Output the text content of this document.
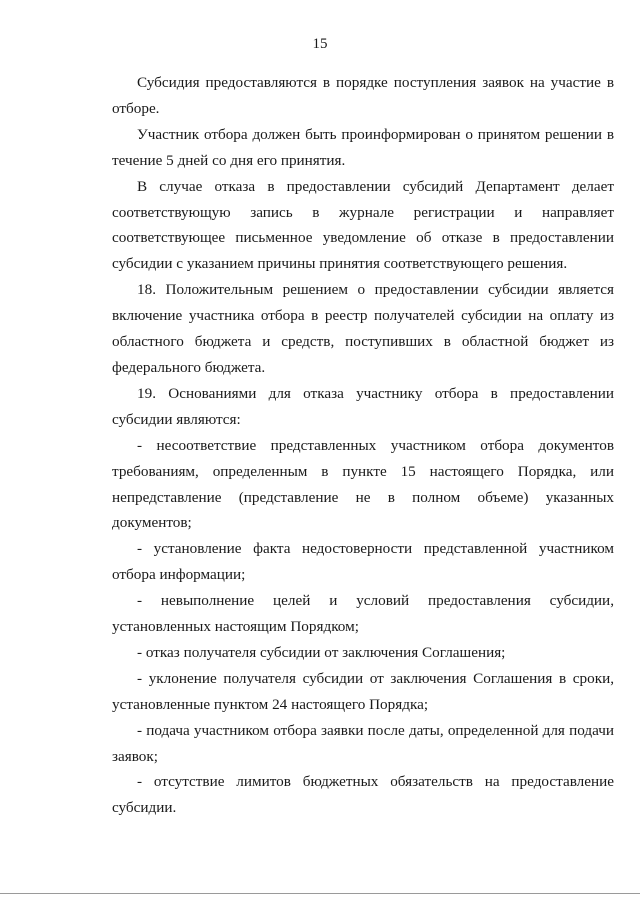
15

Субсидия предоставляются в порядке поступления заявок на участие в отборе.

Участник отбора должен быть проинформирован о принятом решении в течение 5 дней со дня его принятия.

В случае отказа в предоставлении субсидий Департамент делает соответствующую запись в журнале регистрации и направляет соответствующее письменное уведомление об отказе в предоставлении субсидии с указанием причины принятия соответствующего решения.

18. Положительным решением о предоставлении субсидии является включение участника отбора в реестр получателей субсидии на оплату из областного бюджета и средств, поступивших в областной бюджет из федерального бюджета.

19. Основаниями для отказа участнику отбора в предоставлении субсидии являются:

- несоответствие представленных участником отбора документов требованиям, определенным в пункте 15 настоящего Порядка, или непредставление (представление не в полном объеме) указанных документов;

- установление факта недостоверности представленной участником отбора информации;

- невыполнение целей и условий предоставления субсидии, установленных настоящим Порядком;

- отказ получателя субсидии от заключения Соглашения;

- уклонение получателя субсидии от заключения Соглашения в сроки, установленные пунктом 24 настоящего Порядка;

- подача участником отбора заявки после даты, определенной для подачи заявок;

- отсутствие лимитов бюджетных обязательств на предоставление субсидии.
